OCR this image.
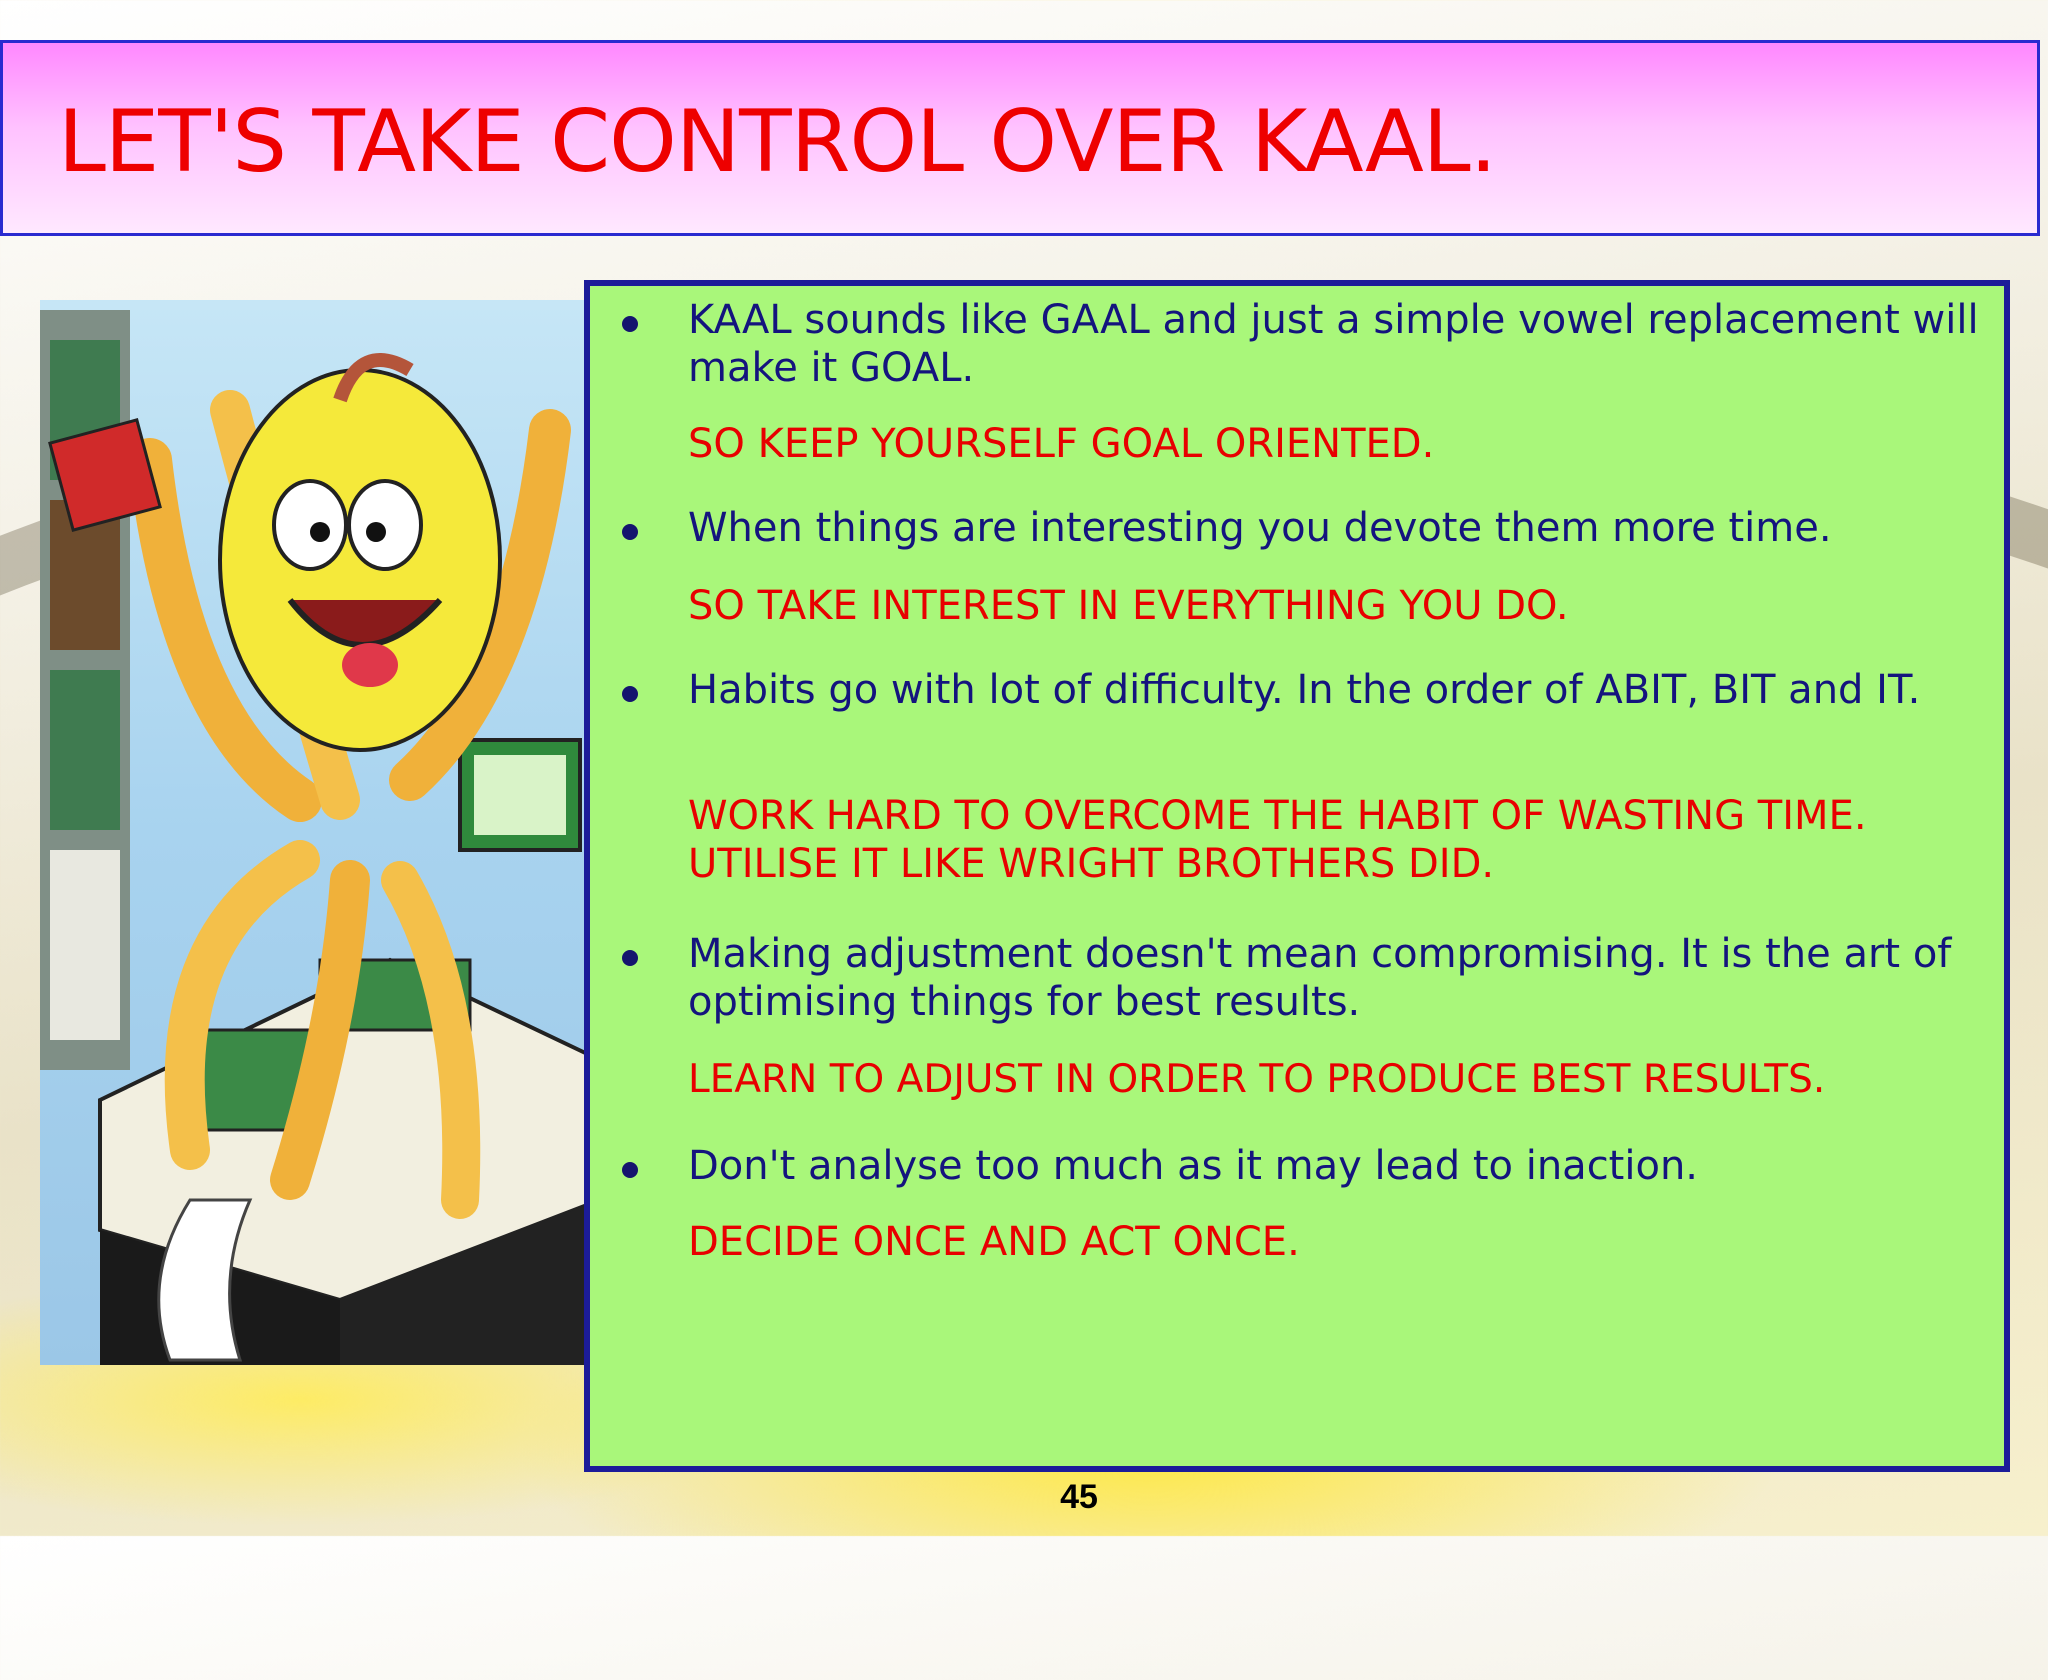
LET'S TAKE CONTROL OVER KAAL.
KAAL sounds like GAAL and just a simple vowel replacement will make it GOAL.
SO KEEP YOURSELF GOAL ORIENTED.
When things are interesting you devote them more time.
SO TAKE INTEREST IN EVERYTHING YOU DO.
Habits go with lot of difficulty. In the order of ABIT, BIT and IT.
WORK HARD TO OVERCOME THE HABIT OF WASTING TIME. UTILISE IT LIKE WRIGHT BROTHERS DID.
Making adjustment doesn't mean compromising. It is the art of optimising things for best results.
LEARN TO ADJUST IN ORDER TO PRODUCE BEST RESULTS.
Don't analyse too much as it may lead to inaction.
DECIDE ONCE AND ACT ONCE.
45
